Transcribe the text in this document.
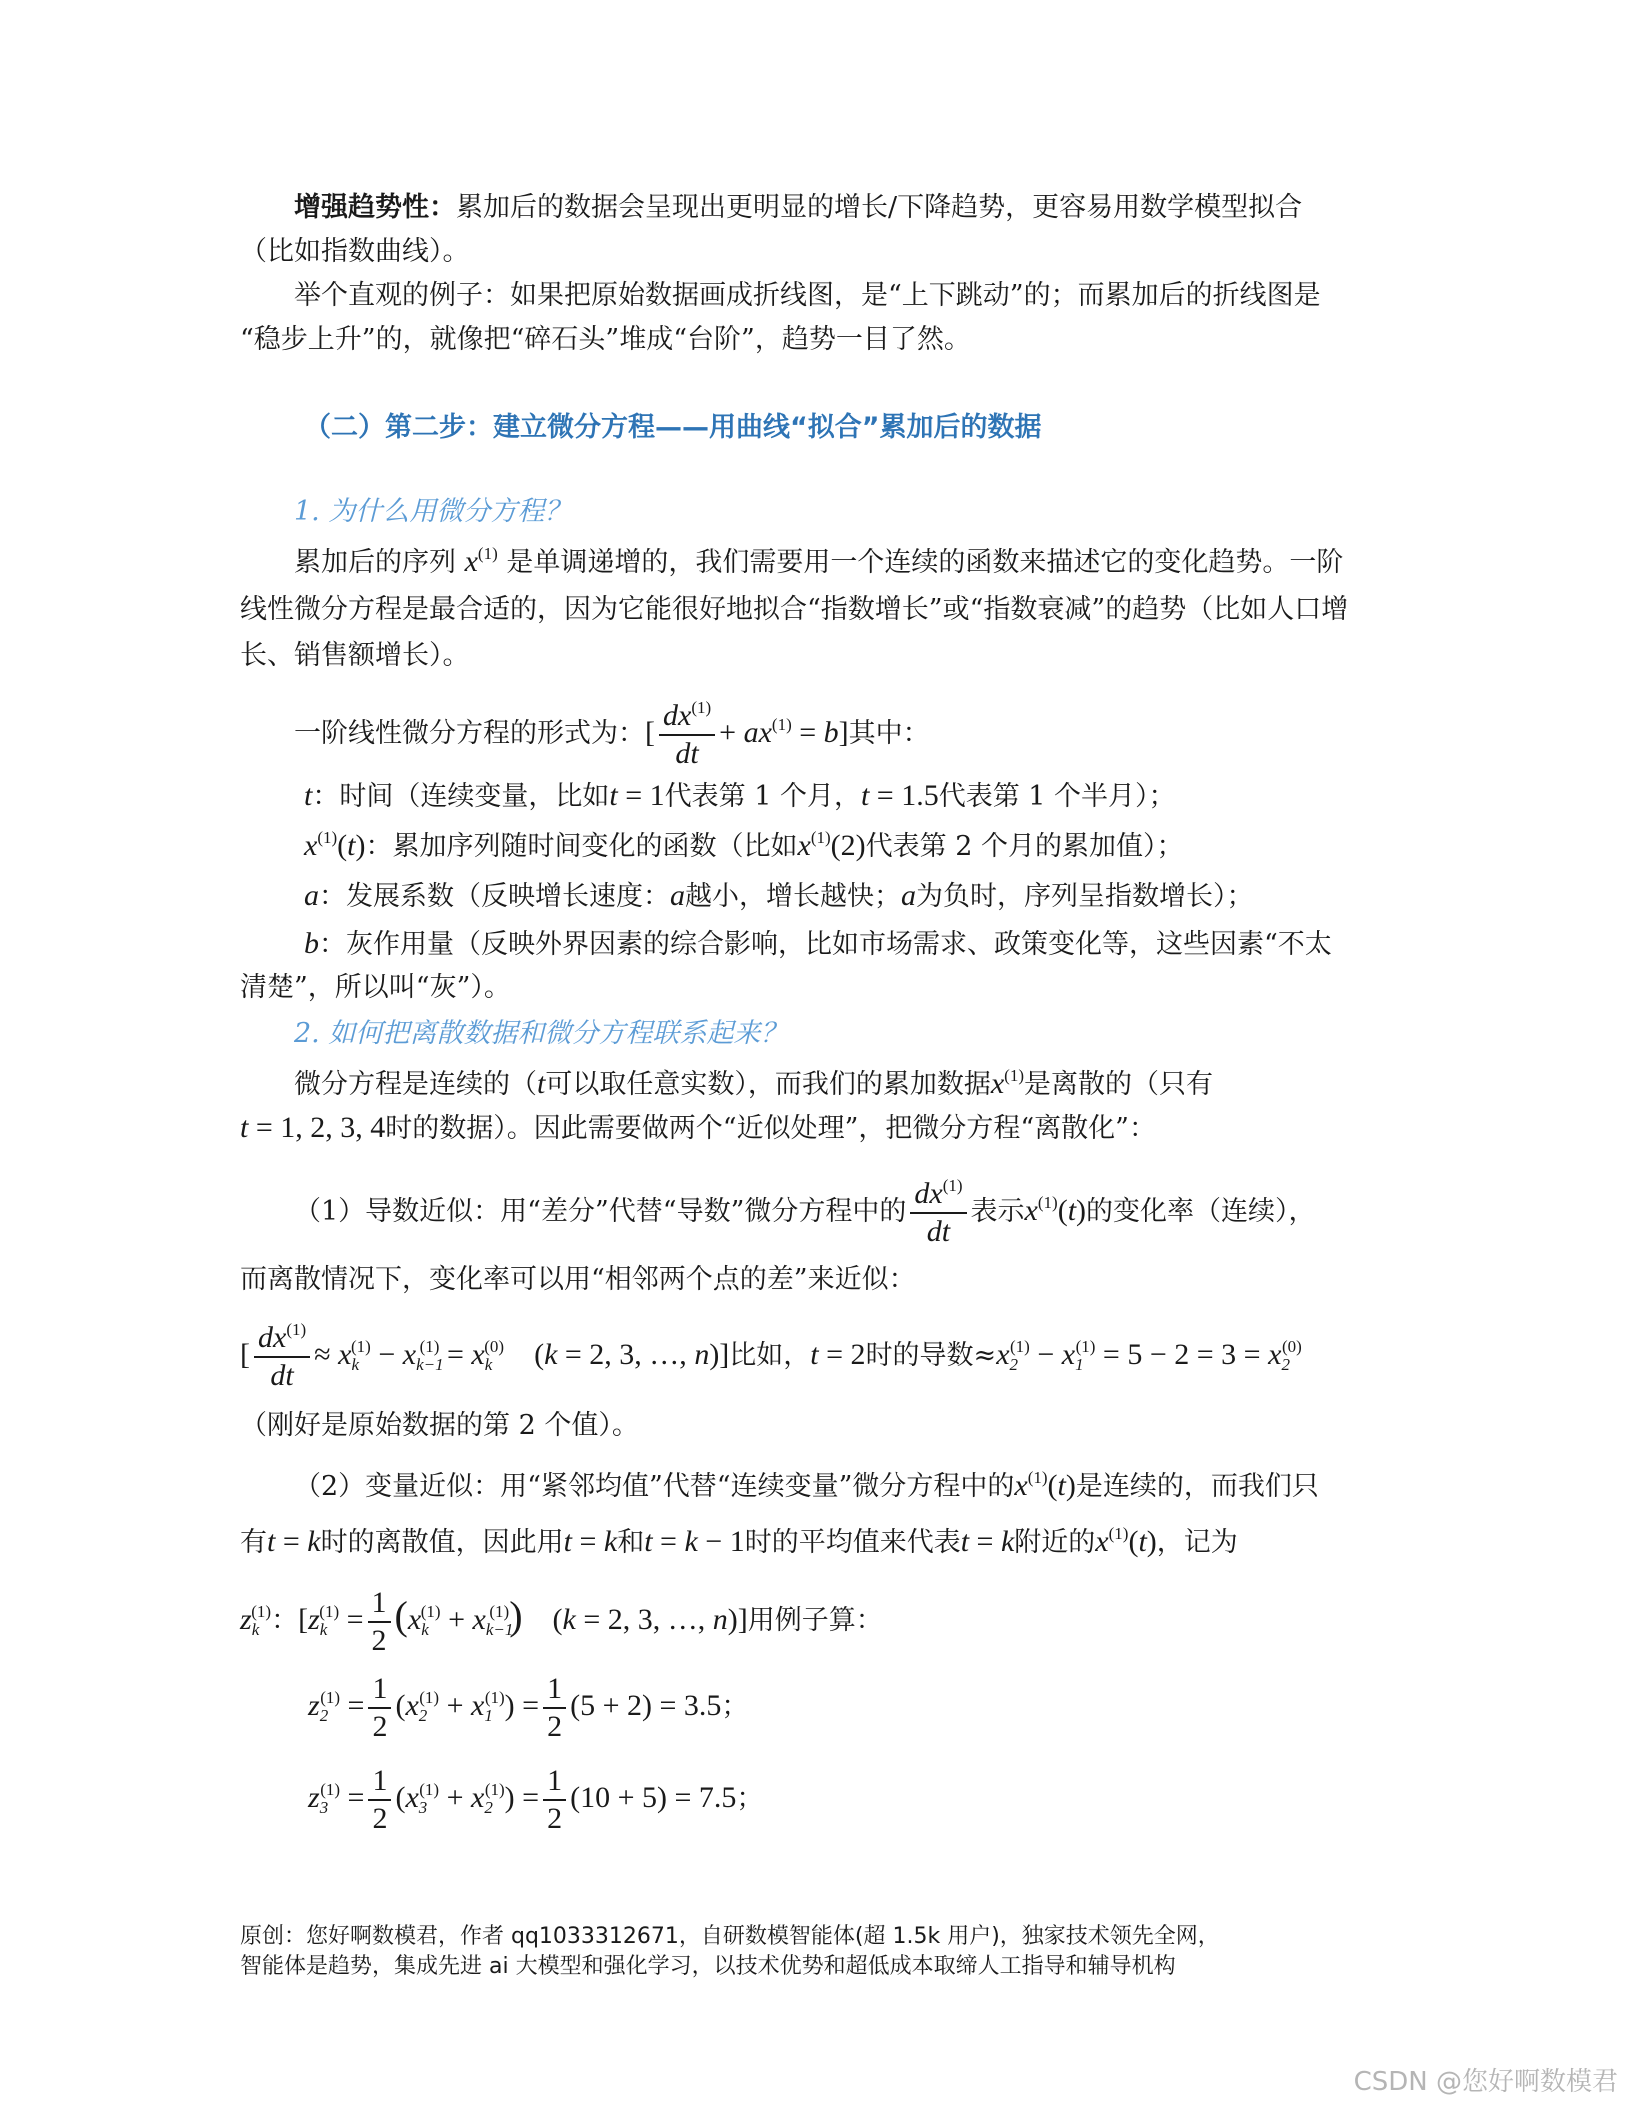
增强趋势性：累加后的数据会呈现出更明显的增长/下降趋势，更容易用数学模型拟合
（比如指数曲线）。
举个直观的例子：如果把原始数据画成折线图，是“上下跳动”的；而累加后的折线图是
“稳步上升”的，就像把“碎石头”堆成“台阶”，趋势一目了然。
（二）第二步：建立微分方程——用曲线“拟合”累加后的数据
1. 为什么用微分方程？
累加后的序列 $x^{(1)}$ 是单调递增的，我们需要用一个连续的函数来描述它的变化趋势。一阶
线性微分方程是最合适的，因为它能很好地拟合“指数增长”或“指数衰减”的趋势（比如人口增
长、销售额增长）。
一阶线性微分方程的形式为：[ $\frac{dx^{(1)}}{dt} + ax^{(1)} = b$]其中：
t：时间（连续变量，比如t = 1代表第 1 个月，t = 1.5代表第 1 个半月）；
$x^{(1)}(t)$：累加序列随时间变化的函数（比如$x^{(1)}(2)$代表第 2 个月的累加值）；
a：发展系数（反映增长速度：a越小，增长越快；a为负时，序列呈指数增长）；
b：灰作用量（反映外界因素的综合影响，比如市场需求、政策变化等，这些因素“不太
清楚”，所以叫“灰”）。
2. 如何把离散数据和微分方程联系起来？
微分方程是连续的（t可以取任意实数），而我们的累加数据$x^{(1)}$是离散的（只有
t = 1, 2, 3, 4时的数据）。因此需要做两个“近似处理”，把微分方程“离散化”：
（1）导数近似：用“差分”代替“导数”微分方程中的 $\frac{dx^{(1)}}{dt}$ 表示$x^{(1)}(t)$的变化率（连续），
而离散情况下，变化率可以用“相邻两个点的差”来近似：
[ $\frac{dx^{(1)}}{dt} \approx x_k^{(1)} - x_{k-1}^{(1)} = x_k^{(0)}$ (k = 2, 3, …, n)]比如，t = 2时的导数$\approx x_2^{(1)} - x_1^{(1)} = 5 - 2 = 3 = x_2^{(0)}$
（刚好是原始数据的第 2 个值）。
（2）变量近似：用“紧邻均值”代替“连续变量”微分方程中的$x^{(1)}(t)$是连续的，而我们只
有t = k时的离散值，因此用t = k和t = k − 1时的平均值来代表t = k附近的$x^{(1)}(t)$，记为
$z_k^{(1)}$：[$z_k^{(1)} = \frac{1}{2} (x_k^{(1)} + x_{k-1}^{(1)}) (k = 2$, 3, …, n)]用例子算：
$z_2^{(1)} = \frac{1}{2} (x_2^{(1)} + x_1^{(1)}) = \frac{1}{2} (5 + 2) = 3.5$；
$z_3^{(1)} = \frac{1}{2} (x_3^{(1)} + x_2^{(1)}) = \frac{1}{2} (10 + 5) = 7.5$；
原创：您好啊数模君，作者 qq1033312671，自研数模智能体(超 1.5k 用户)，独家技术领先全网，
智能体是趋势，集成先进 ai 大模型和强化学习，以技术优势和超低成本取缔人工指导和辅导机构
CSDN @您好啊数模君
